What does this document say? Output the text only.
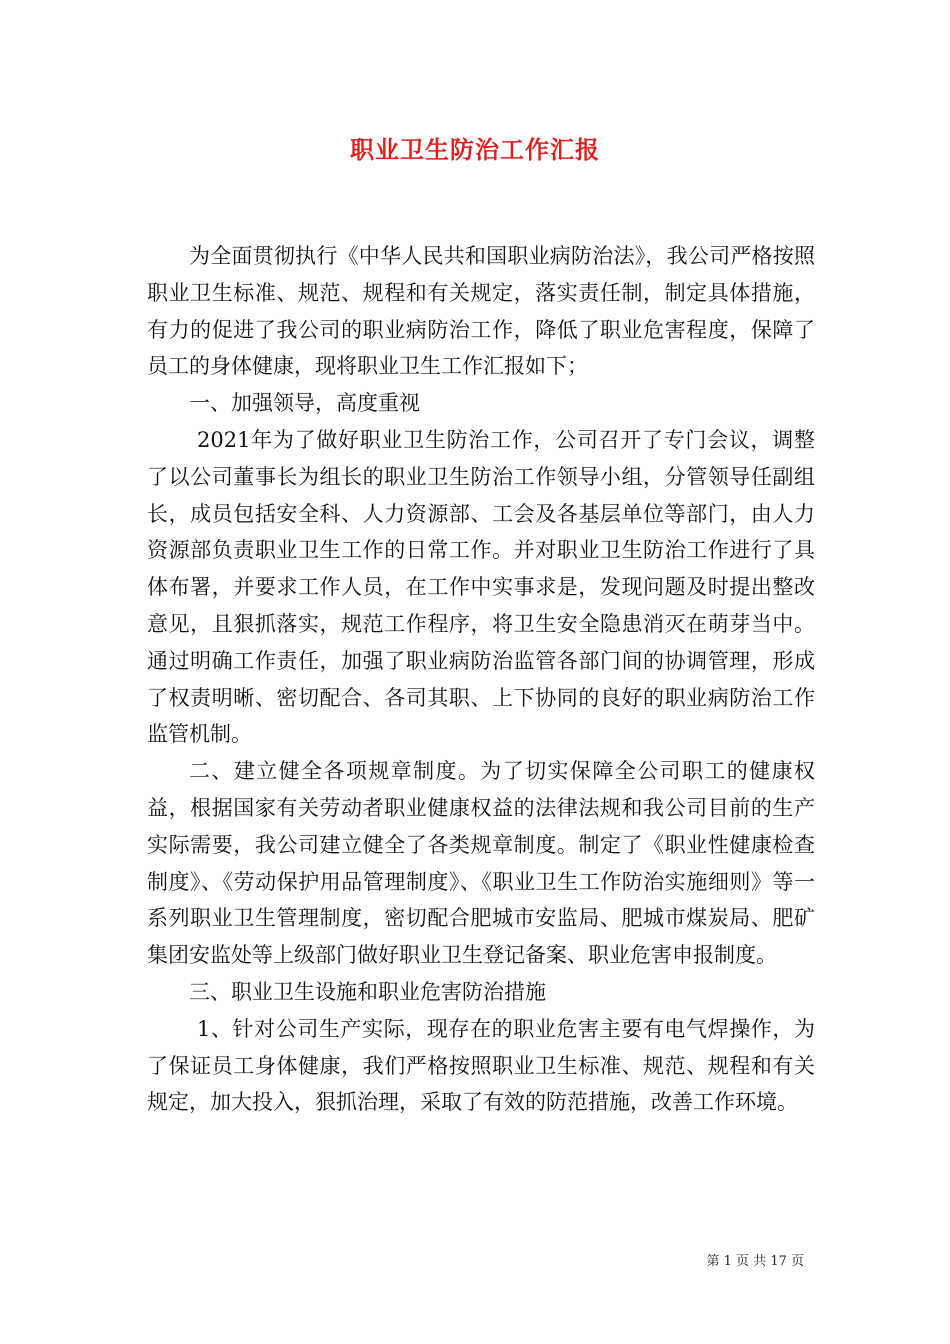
职业卫生防治工作汇报

为全面贯彻执行《中华人民共和国职业病防治法》，我公司严格按照职业卫生标准、规范、规程和有关规定，落实责任制，制定具体措施，有力的促进了我公司的职业病防治工作，降低了职业危害程度，保障了员工的身体健康，现将职业卫生工作汇报如下；

一、加强领导，高度重视

2021年为了做好职业卫生防治工作，公司召开了专门会议，调整了以公司董事长为组长的职业卫生防治工作领导小组，分管领导任副组长，成员包括安全科、人力资源部、工会及各基层单位等部门，由人力资源部负责职业卫生工作的日常工作。并对职业卫生防治工作进行了具体布署，并要求工作人员，在工作中实事求是，发现问题及时提出整改意见，且狠抓落实，规范工作程序，将卫生安全隐患消灭在萌芽当中。通过明确工作责任，加强了职业病防治监管各部门间的协调管理，形成了权责明晰、密切配合、各司其职、上下协同的良好的职业病防治工作监管机制。

二、建立健全各项规章制度。为了切实保障全公司职工的健康权益，根据国家有关劳动者职业健康权益的法律法规和我公司目前的生产实际需要，我公司建立健全了各类规章制度。制定了《职业性健康检查制度》、《劳动保护用品管理制度》、《职业卫生工作防治实施细则》等一系列职业卫生管理制度，密切配合肥城市安监局、肥城市煤炭局、肥矿集团安监处等上级部门做好职业卫生登记备案、职业危害申报制度。

三、职业卫生设施和职业危害防治措施

1、针对公司生产实际，现存在的职业危害主要有电气焊操作，为了保证员工身体健康，我们严格按照职业卫生标准、规范、规程和有关规定，加大投入，狠抓治理，采取了有效的防范措施，改善工作环境。

第 1 页 共 17 页
